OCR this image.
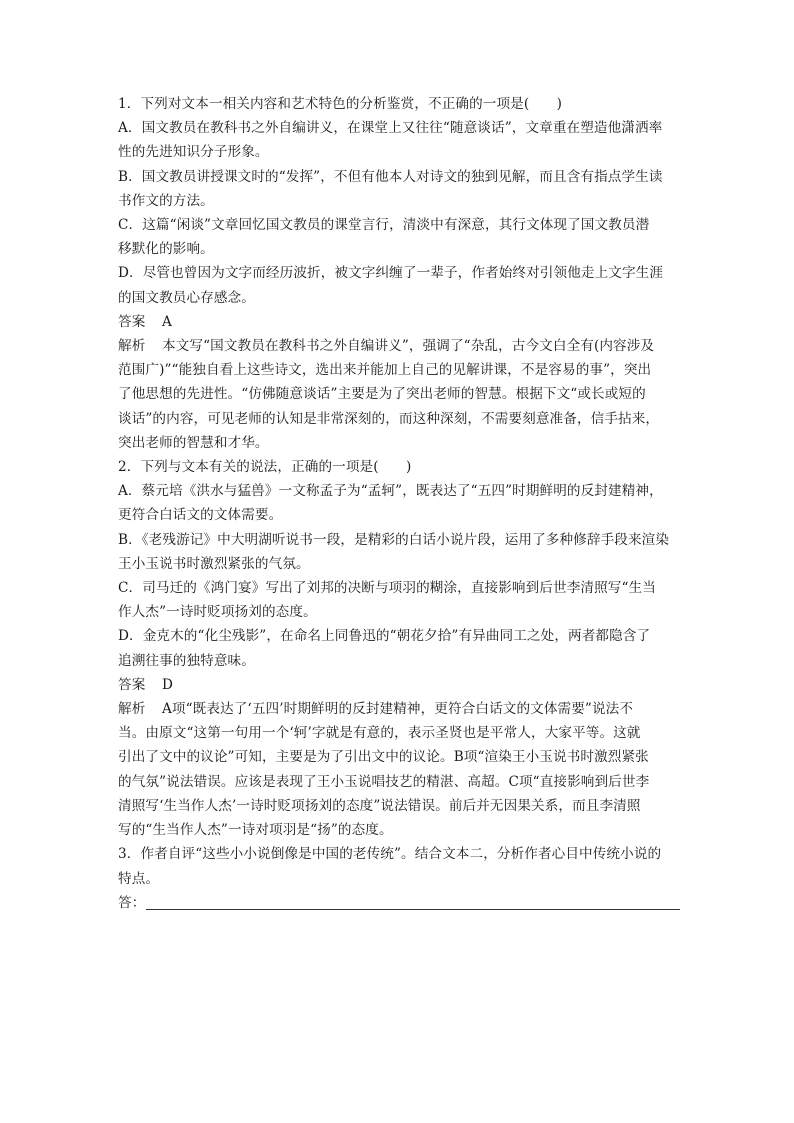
1．下列对文本一相关内容和艺术特色的分析鉴赏，不正确的一项是(　　)
A．国文教员在教科书之外自编讲义，在课堂上又往往“随意谈话”，文章重在塑造他潇洒率
性的先进知识分子形象。
B．国文教员讲授课文时的“发挥”，不但有他本人对诗文的独到见解，而且含有指点学生读
书作文的方法。
C．这篇“闲谈”文章回忆国文教员的课堂言行，清淡中有深意，其行文体现了国文教员潜
移默化的影响。
D．尽管也曾因为文字而经历波折，被文字纠缠了一辈子，作者始终对引领他走上文字生涯
的国文教员心存感念。
答案 A
解析 本文写“国文教员在教科书之外自编讲义”，强调了“杂乱，古今文白全有(内容涉及
范围广)”“能独自看上这些诗文，选出来并能加上自己的见解讲课，不是容易的事”，突出
了他思想的先进性。“仿佛随意谈话”主要是为了突出老师的智慧。根据下文“或长或短的
谈话”的内容，可见老师的认知是非常深刻的，而这种深刻，不需要刻意准备，信手拈来，
突出老师的智慧和才华。
2．下列与文本有关的说法，正确的一项是(　　)
A．蔡元培《洪水与猛兽》一文称孟子为“孟轲”，既表达了“五四”时期鲜明的反封建精神，
更符合白话文的文体需要。
B．《老残游记》中大明湖听说书一段，是精彩的白话小说片段，运用了多种修辞手段来渲染
王小玉说书时激烈紧张的气氛。
C．司马迁的《鸿门宴》写出了刘邦的决断与项羽的糊涂，直接影响到后世李清照写“生当
作人杰”一诗时贬项扬刘的态度。
D．金克木的“化尘残影”，在命名上同鲁迅的“朝花夕拾”有异曲同工之处，两者都隐含了
追溯往事的独特意味。
答案 D
解析 A项“既表达了‘五四’时期鲜明的反封建精神，更符合白话文的文体需要”说法不
当。由原文“这第一句用一个‘轲’字就是有意的，表示圣贤也是平常人，大家平等。这就
引出了文中的议论”可知，主要是为了引出文中的议论。B项“渲染王小玉说书时激烈紧张
的气氛”说法错误。应该是表现了王小玉说唱技艺的精湛、高超。C项“直接影响到后世李
清照写‘生当作人杰’一诗时贬项扬刘的态度”说法错误。前后并无因果关系，而且李清照
写的“生当作人杰”一诗对项羽是“扬”的态度。
3．作者自评“这些小小说倒像是中国的老传统”。结合文本二，分析作者心目中传统小说的
特点。
答：
